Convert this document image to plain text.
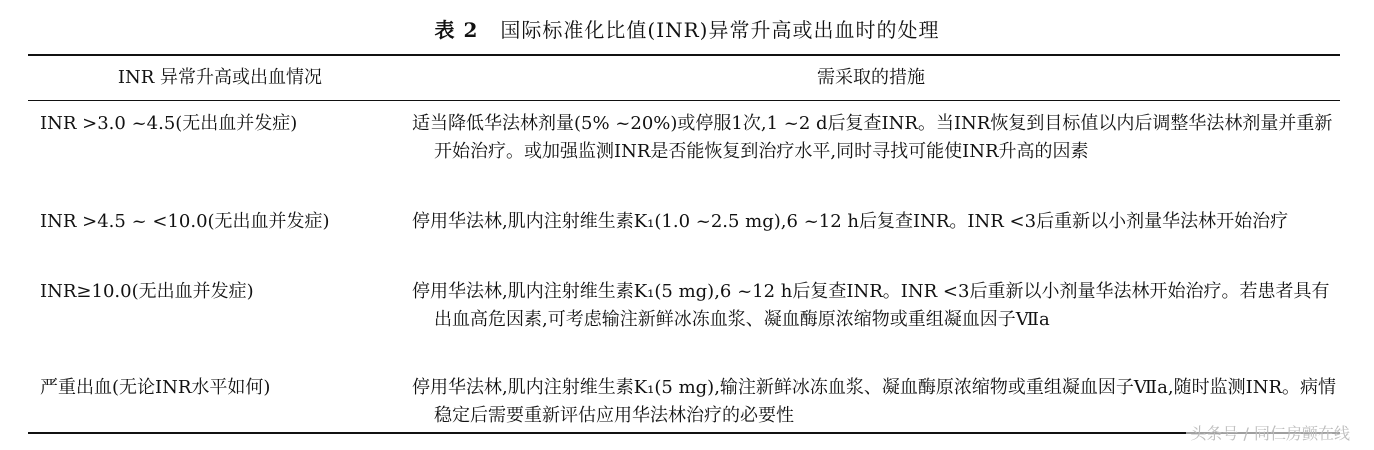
表 2 国际标准化比值(INR)异常升高或出血时的处理
INR 异常升高或出血情况	需采取的措施
INR >3.0 ~4.5(无出血并发症)	适当降低华法林剂量(5% ~20%)或停服1次,1 ~2 d后复查INR。当INR恢复到目标值以内后调整华法林剂量并重新开始治疗。或加强监测INR是否能恢复到治疗水平,同时寻找可能使INR升高的因素
INR >4.5 ~ <10.0(无出血并发症)	停用华法林,肌内注射维生素K₁(1.0 ~2.5 mg),6 ~12 h后复查INR。INR <3后重新以小剂量华法林开始治疗
INR≥10.0(无出血并发症)	停用华法林,肌内注射维生素K₁(5 mg),6 ~12 h后复查INR。INR <3后重新以小剂量华法林开始治疗。若患者具有出血高危因素,可考虑输注新鲜冰冻血浆、凝血酶原浓缩物或重组凝血因子Ⅶa
严重出血(无论INR水平如何)	停用华法林,肌内注射维生素K₁(5 mg),输注新鲜冰冻血浆、凝血酶原浓缩物或重组凝血因子Ⅶa,随时监测INR。病情稳定后需要重新评估应用华法林治疗的必要性
头条号 / 同仁房颤在线
